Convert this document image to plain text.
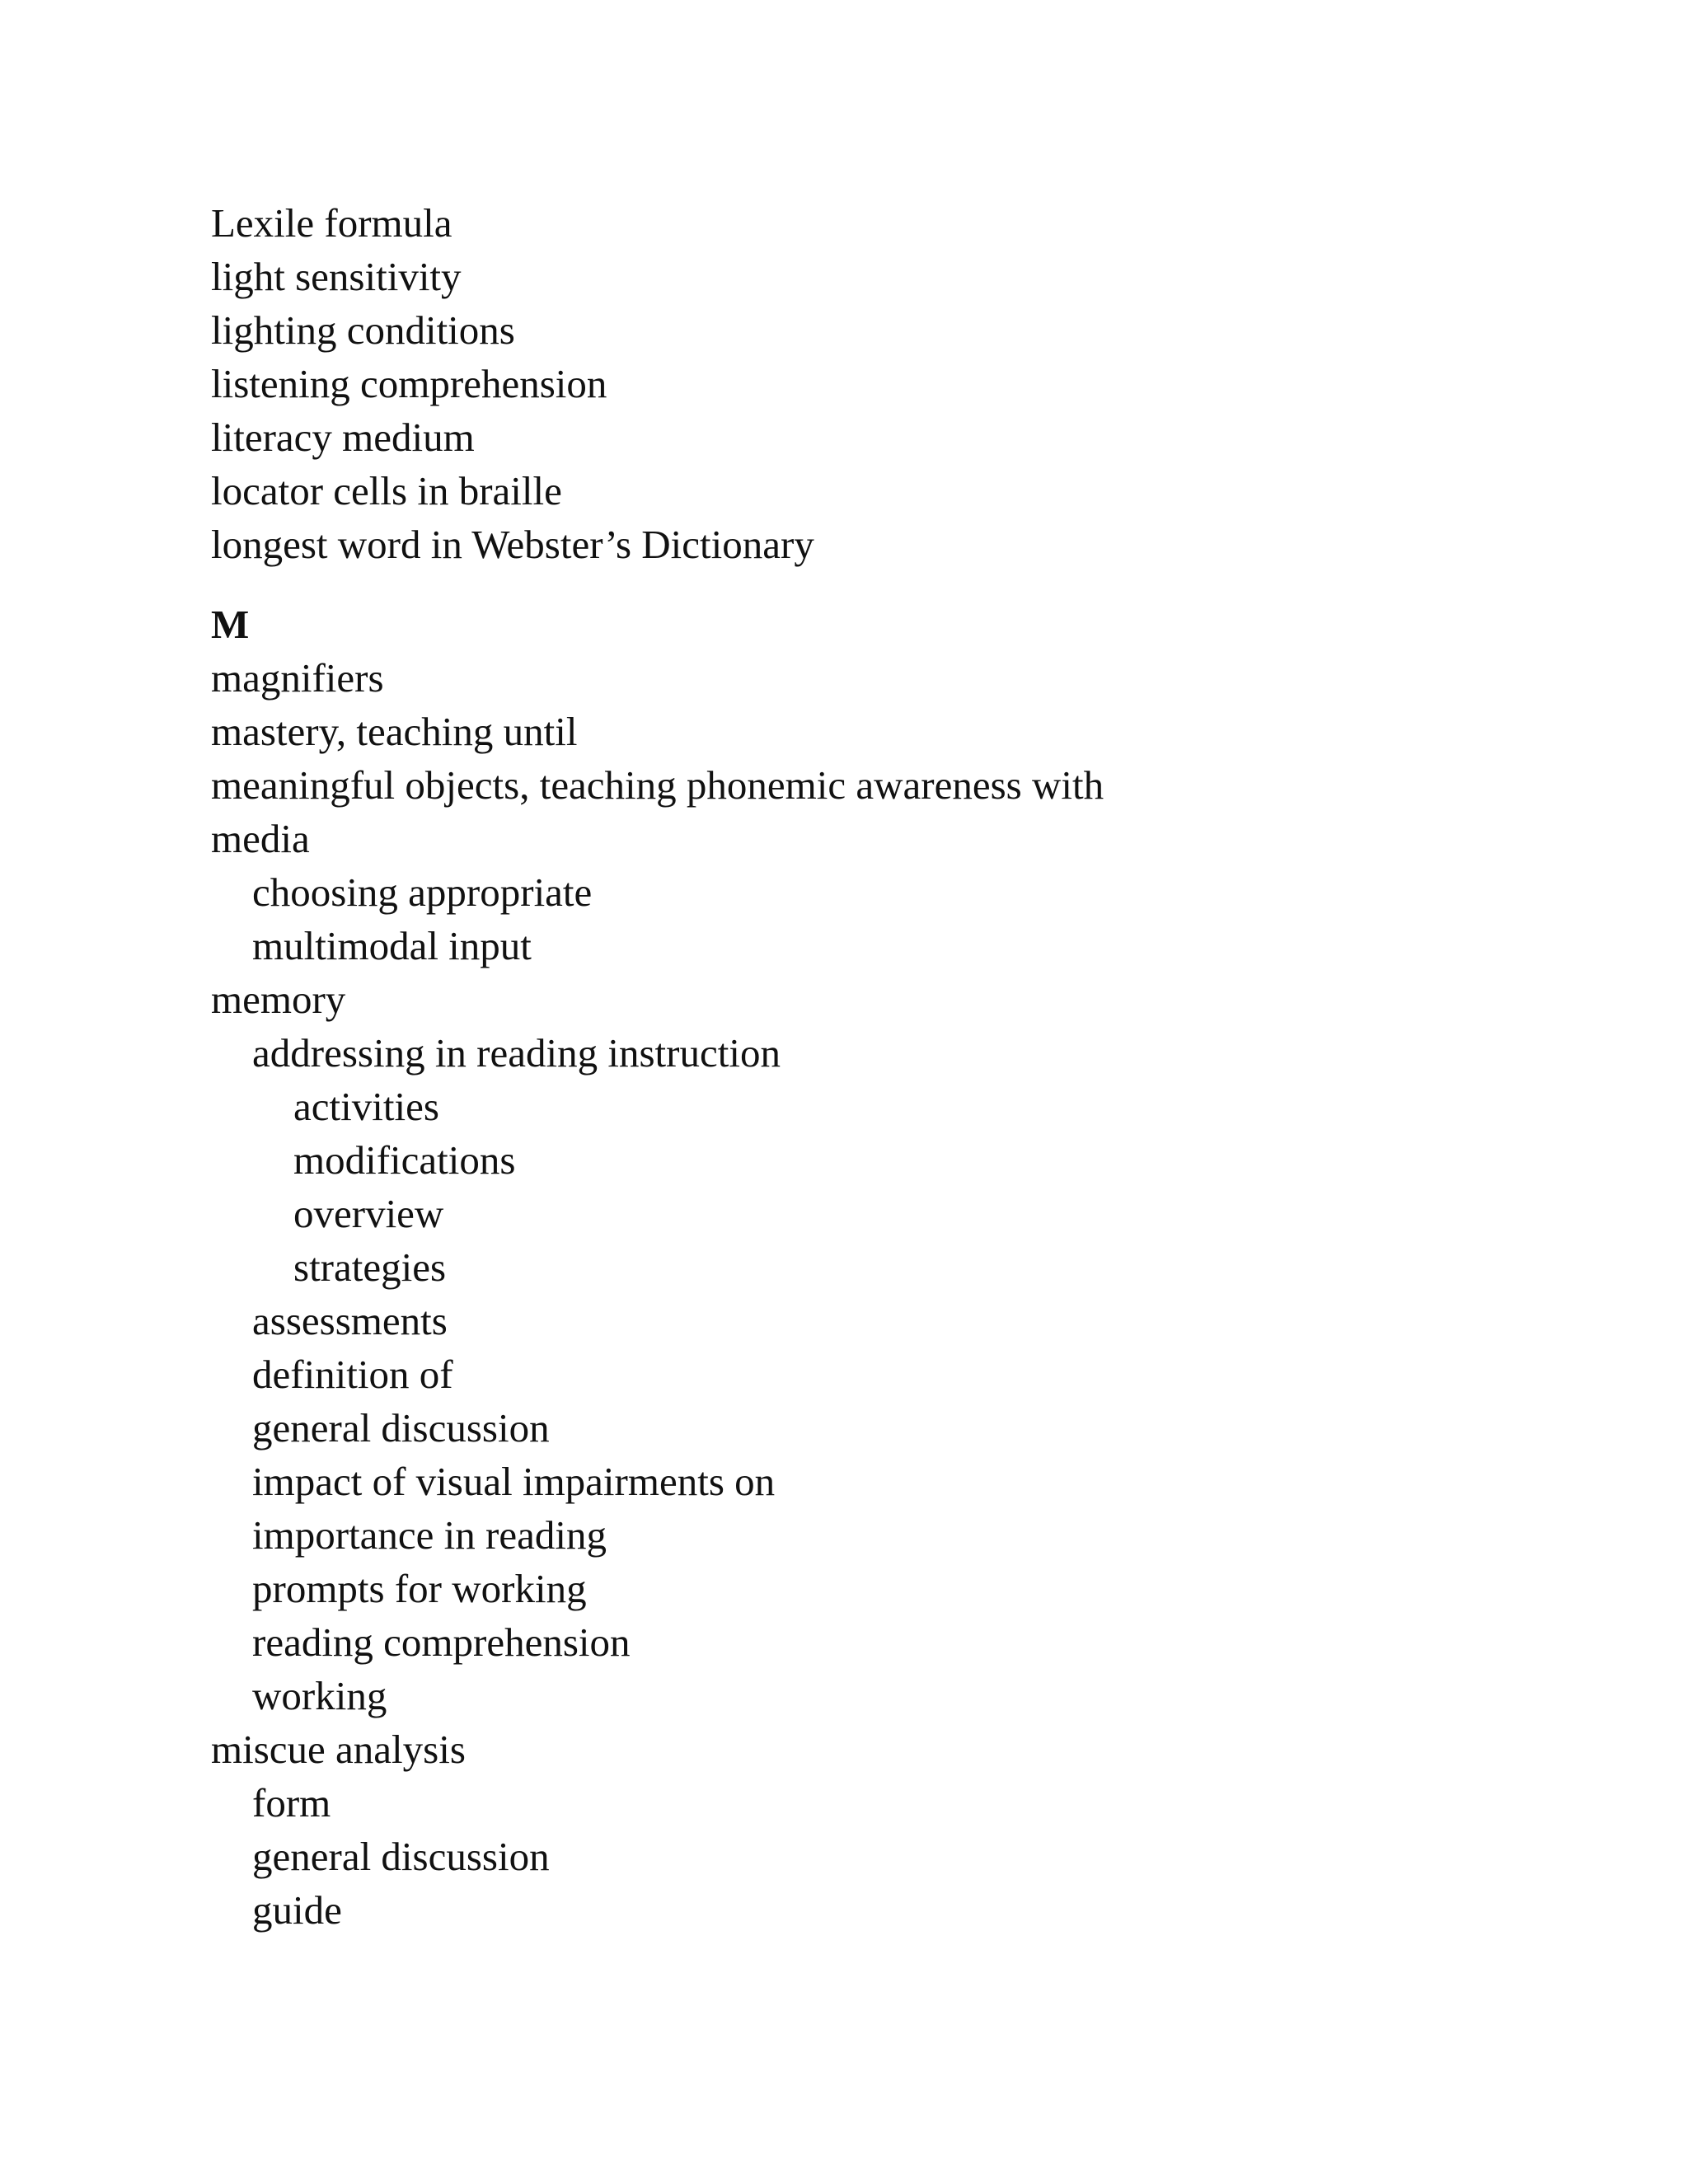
Lexile formula
light sensitivity
lighting conditions
listening comprehension
literacy medium
locator cells in braille
longest word in Webster’s Dictionary
M
magnifiers
mastery, teaching until
meaningful objects, teaching phonemic awareness with
media
choosing appropriate
multimodal input
memory
addressing in reading instruction
activities
modifications
overview
strategies
assessments
definition of
general discussion
impact of visual impairments on
importance in reading
prompts for working
reading comprehension
working
miscue analysis
form
general discussion
guide
